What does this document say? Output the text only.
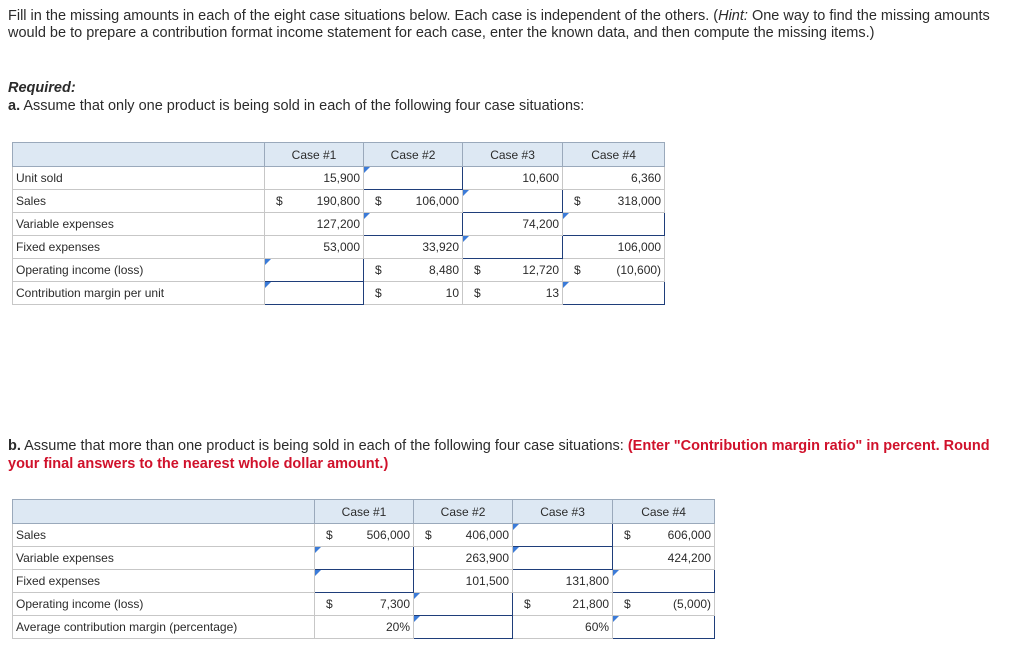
Fill in the missing amounts in each of the eight case situations below. Each case is independent of the others. (Hint: One way to find the missing amounts would be to prepare a contribution format income statement for each case, enter the known data, and then compute the missing items.)
Required:
a. Assume that only one product is being sold in each of the following four case situations:
	Case #1		Case #2		Case #3		Case #4	
Unit sold		15,900				10,600		6,360
Sales	$	190,800	$	106,000			$	318,000
Variable expenses		127,200				74,200		
Fixed expenses		53,000		33,920				106,000
Operating income (loss)			$	8,480	$	12,720	$	(10,600)
Contribution margin per unit			$	10	$	13		
b. Assume that more than one product is being sold in each of the following four case situations: (Enter "Contribution margin ratio" in percent. Round your final answers to the nearest whole dollar amount.)
	Case #1		Case #2		Case #3		Case #4	
Sales	$	506,000	$	406,000			$	606,000
Variable expenses				263,900				424,200
Fixed expenses				101,500		131,800		
Operating income (loss)	$	7,300			$	21,800	$	(5,000)
Average contribution margin (percentage)		20%				60%		
